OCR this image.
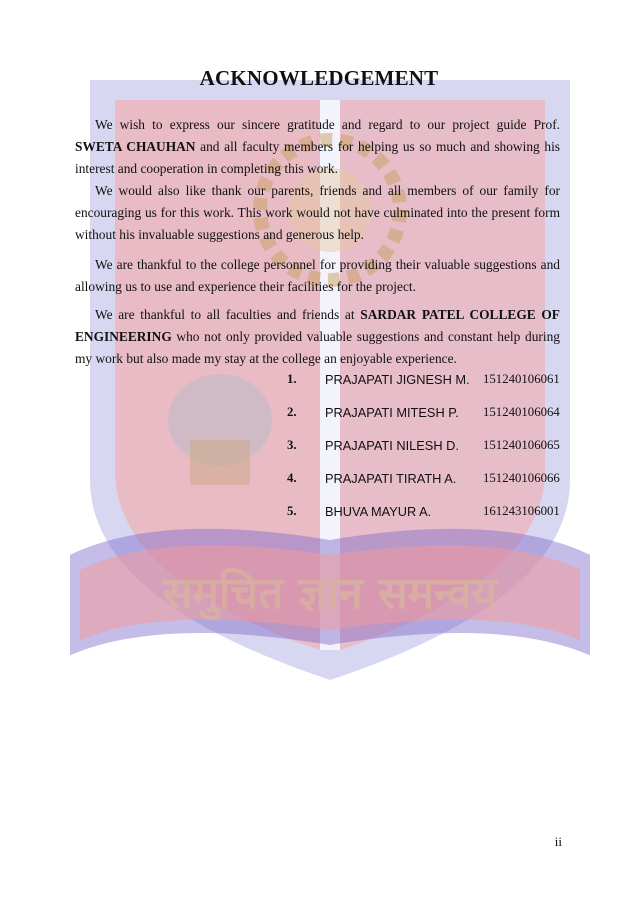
समुचित ज्ञान समन्वय
ACKNOWLEDGEMENT

We wish to express our sincere gratitude and regard to our project guide Prof. SWETA CHAUHAN and all faculty members for helping us so much and showing his interest and cooperation in completing this work.

We would also like thank our parents, friends and all members of our family for encouraging us for this work. This work would not have culminated into the present form without his invaluable suggestions and generous help.

We are thankful to the college personnel for providing their valuable suggestions and allowing us to use and experience their facilities for the project.

We are thankful to all faculties and friends at SARDAR PATEL COLLEGE OF ENGINEERING who not only provided valuable suggestions and constant help during my work but also made my stay at the college an enjoyable experience.

1. PRAJAPATI JIGNESH M. 151240106061
2. PRAJAPATI MITESH P. 151240106064
3. PRAJAPATI NILESH D. 151240106065
4. PRAJAPATI TIRATH A. 151240106066
5. BHUVA MAYUR A.	161243106001
ii
